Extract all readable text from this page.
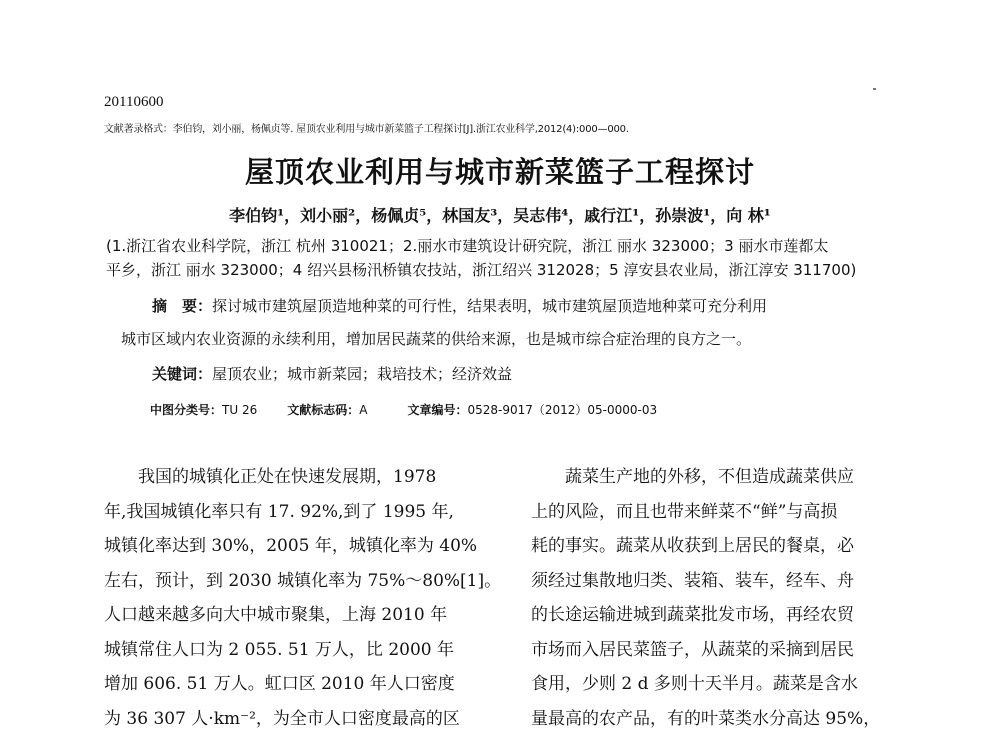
20110600
文献著录格式：李伯钧，刘小丽，杨佩贞等. 屋顶农业利用与城市新菜篮子工程探讨[J].浙江农业科学,2012(4):000—000.
屋顶农业利用与城市新菜篮子工程探讨
李伯钧¹，刘小丽²，杨佩贞⁵，林国友³，吴志伟⁴，戚行江¹，孙崇波¹，向 林¹
(1.浙江省农业科学院，浙江 杭州 310021；2.丽水市建筑设计研究院，浙江 丽水 323000；3 丽水市莲都太
平乡，浙江 丽水 323000；4 绍兴县杨汛桥镇农技站，浙江绍兴 312028；5 淳安县农业局，浙江淳安 311700)
摘　要：探讨城市建筑屋顶造地种菜的可行性，结果表明，城市建筑屋顶造地种菜可充分利用
城市区域内农业资源的永续利用，增加居民蔬菜的供给来源，也是城市综合症治理的良方之一。
关键词：屋顶农业；城市新菜园；栽培技术；经济效益
中图分类号：TU 26	文献标志码：A	文章编号：0528-9017（2012）05-0000-03
　　我国的城镇化正处在快速发展期，1978
年,我国城镇化率只有 17. 92%,到了 1995 年,
城镇化率达到 30%，2005 年，城镇化率为 40%
左右，预计，到 2030 城镇化率为 75%～80%[1]。
人口越来越多向大中城市聚集，上海 2010 年
城镇常住人口为 2 055. 51 万人，比 2000 年
增加 606. 51 万人。虹口区 2010 年人口密度
为 36 307 人·km⁻²，为全市人口密度最高的区
　　蔬菜生产地的外移，不但造成蔬菜供应
上的风险，而且也带来鲜菜不“鲜”与高损
耗的事实。蔬菜从收获到上居民的餐桌，必
须经过集散地归类、装箱、装车，经车、舟
的长途运输进城到蔬菜批发市场，再经农贸
市场而入居民菜篮子，从蔬菜的采摘到居民
食用，少则 2 d 多则十天半月。蔬菜是含水
量最高的农产品，有的叶菜类水分高达 95%，
